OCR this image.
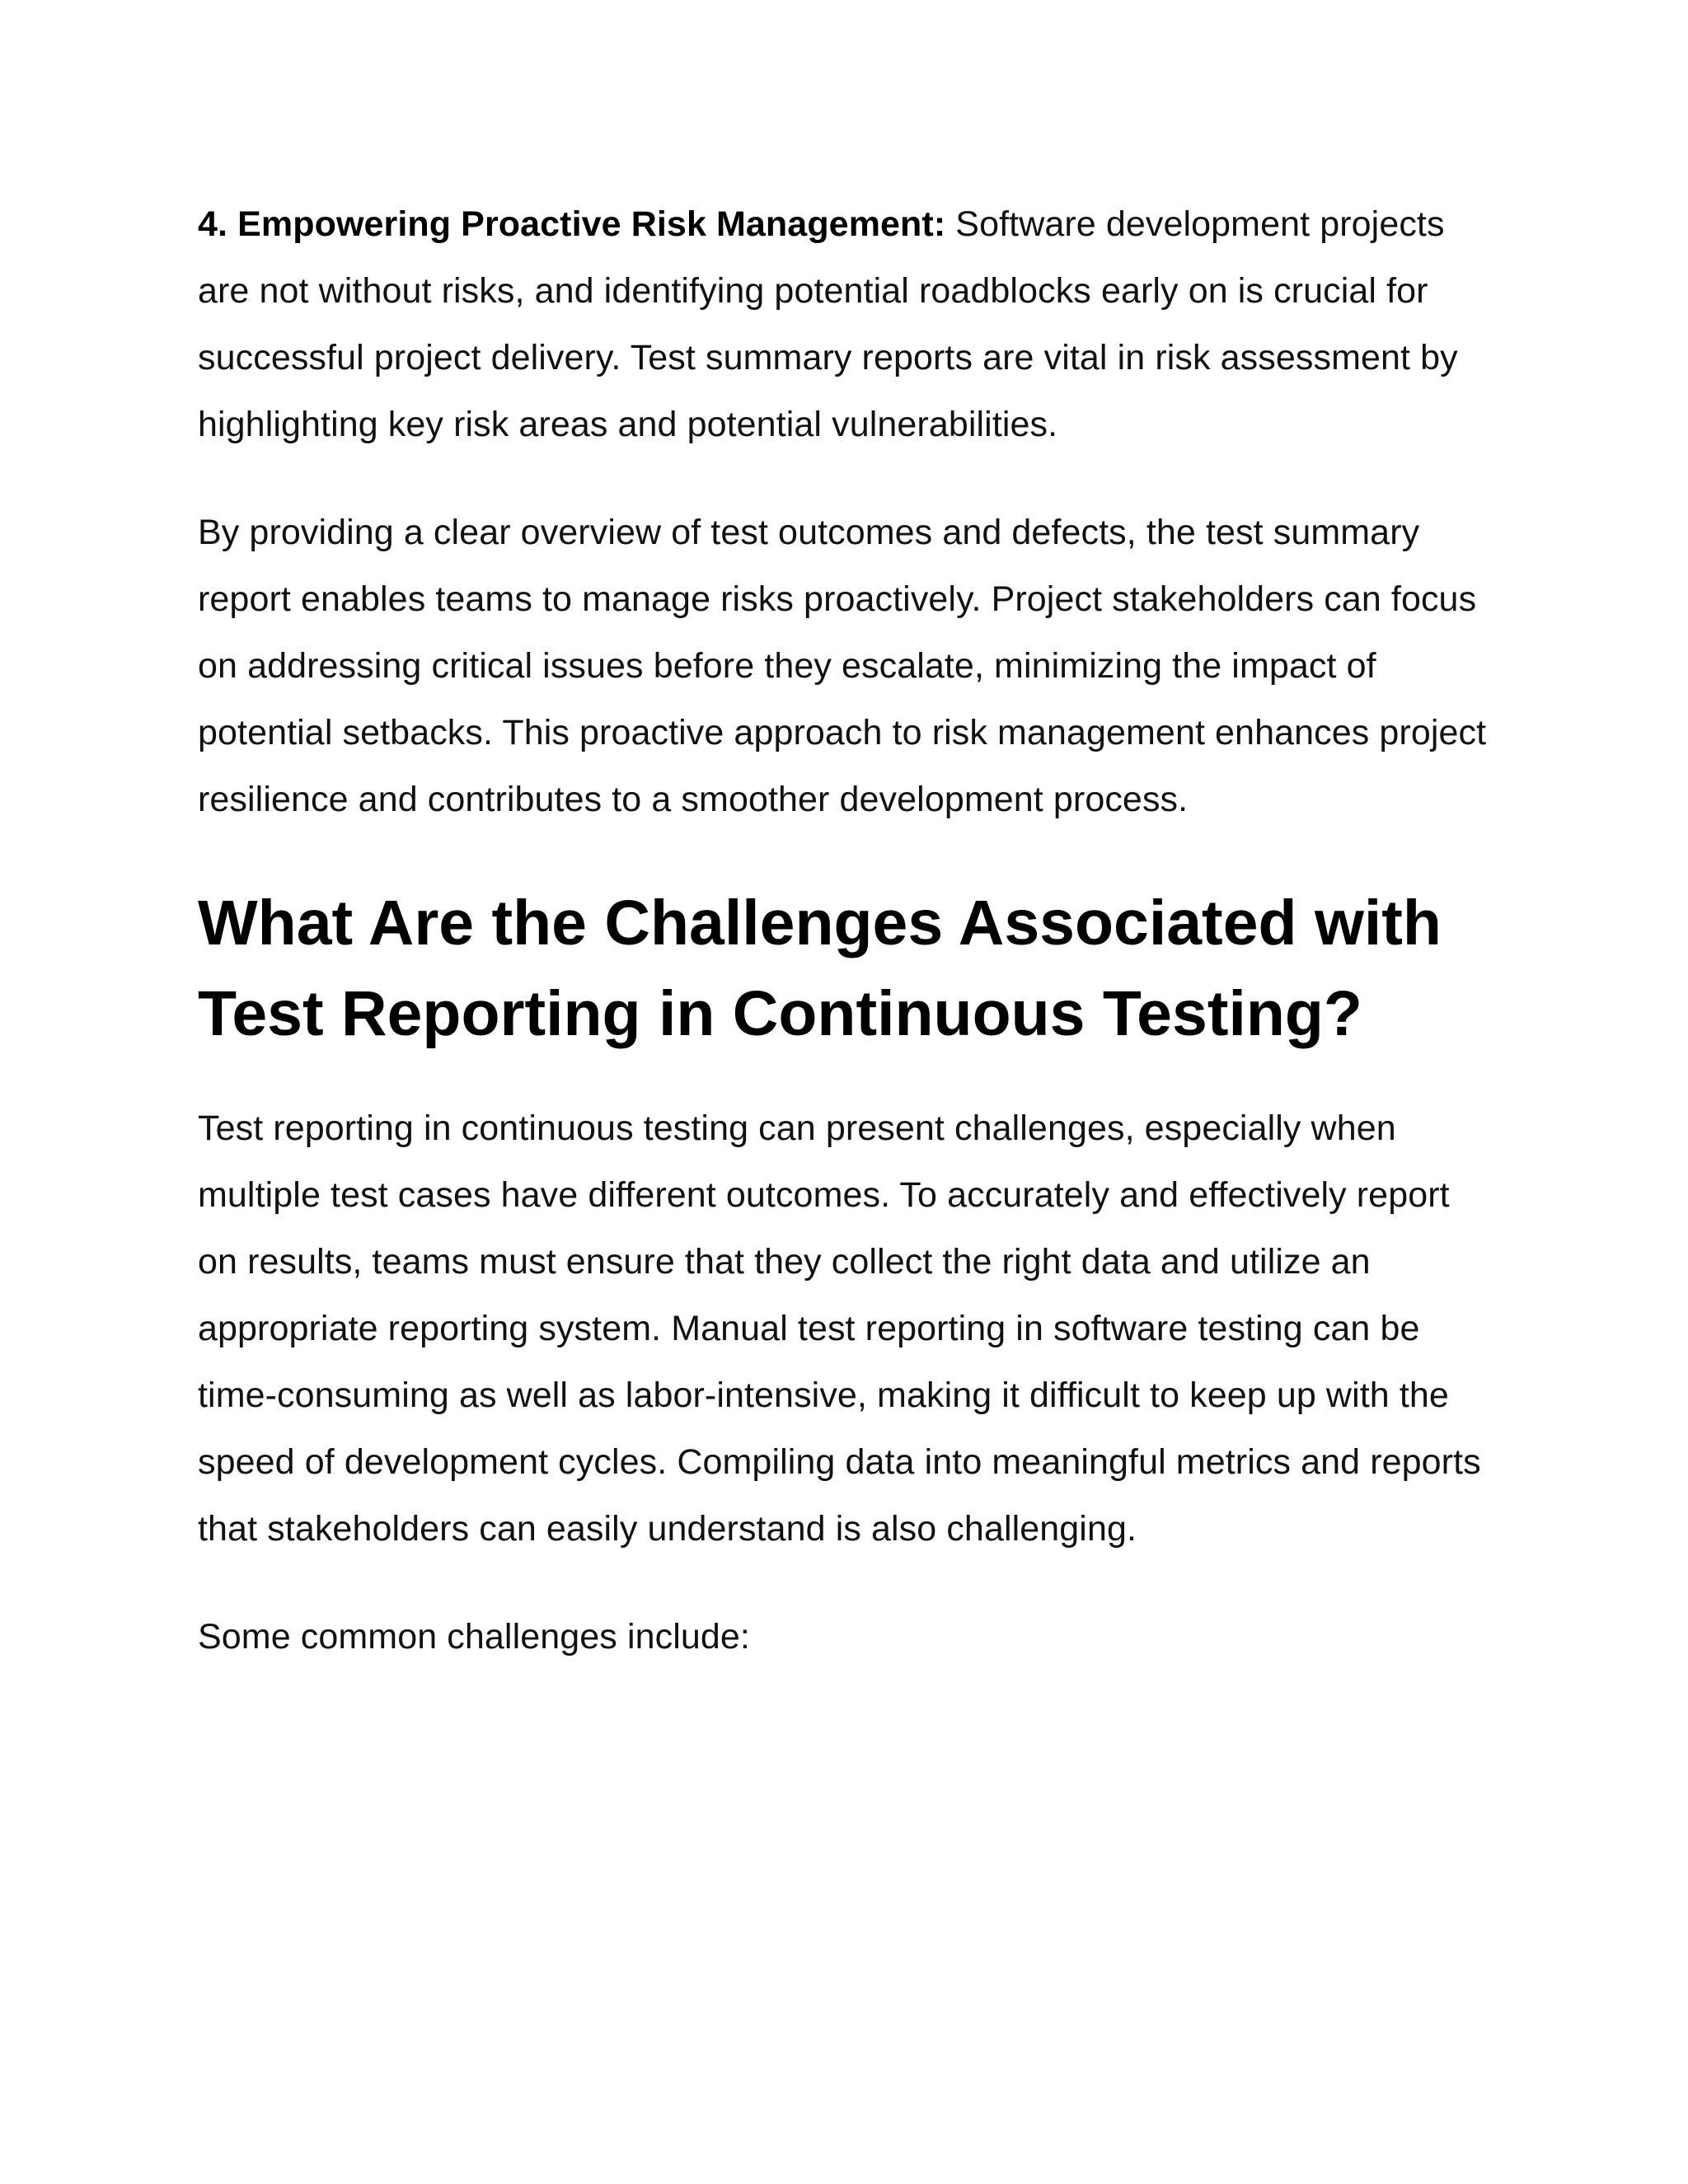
4. Empowering Proactive Risk Management: Software development projects are not without risks, and identifying potential roadblocks early on is crucial for successful project delivery. Test summary reports are vital in risk assessment by highlighting key risk areas and potential vulnerabilities.

By providing a clear overview of test outcomes and defects, the test summary report enables teams to manage risks proactively. Project stakeholders can focus on addressing critical issues before they escalate, minimizing the impact of potential setbacks. This proactive approach to risk management enhances project resilience and contributes to a smoother development process.

What Are the Challenges Associated with Test Reporting in Continuous Testing?

Test reporting in continuous testing can present challenges, especially when multiple test cases have different outcomes. To accurately and effectively report on results, teams must ensure that they collect the right data and utilize an appropriate reporting system. Manual test reporting in software testing can be time-consuming as well as labor-intensive, making it difficult to keep up with the speed of development cycles. Compiling data into meaningful metrics and reports that stakeholders can easily understand is also challenging.

Some common challenges include:
